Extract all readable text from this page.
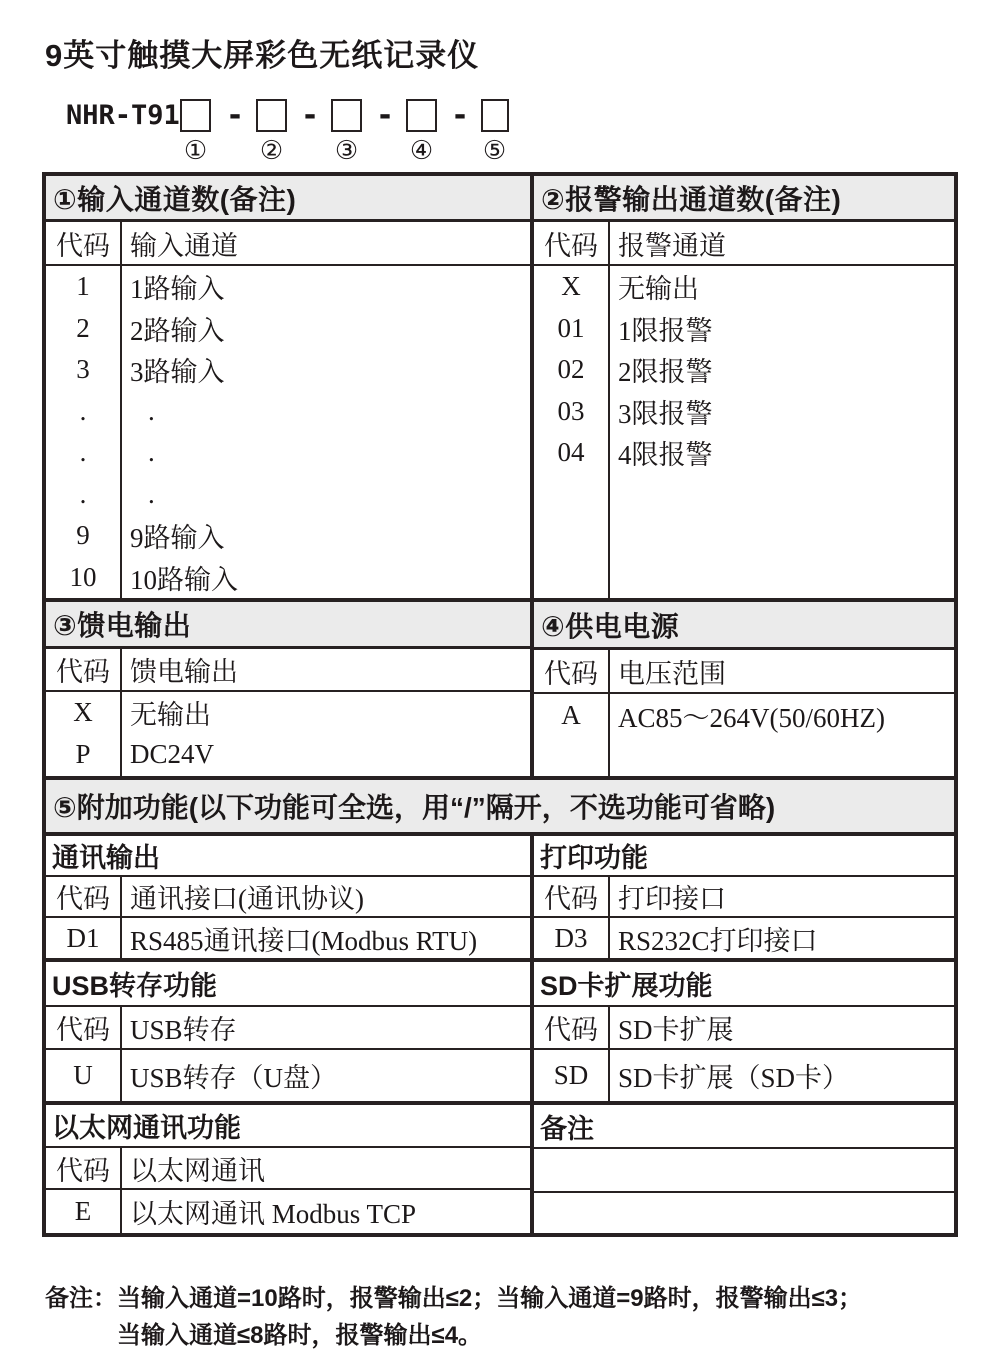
9英寸触摸大屏彩色无纸记录仪
NHR-T91 - - - -
① ② ③ ④ ⑤
①输入通道数(备注)
代码 输入通道
1	1路输入
2	2路输入
3	3路输入
.	.
.	.
.	.
9	9路输入
10	10路输入
②报警输出通道数(备注)
代码 报警通道
X	无输出
01	1限报警
02	2限报警
03	3限报警
04	4限报警
③馈电输出
代码 馈电输出
X	无输出
P	DC24V
④供电电源
代码 电压范围
A	AC85～264V(50/60HZ)
⑤附加功能(以下功能可全选，用“/”隔开，不选功能可省略)
通讯输出
代码 通讯接口(通讯协议)
D1	RS485通讯接口(Modbus RTU)
打印功能
代码 打印接口
D3	RS232C打印接口
USB转存功能
代码 USB转存
U	USB转存（U盘）
SD卡扩展功能
代码 SD卡扩展
SD	SD卡扩展（SD卡）
以太网通讯功能
代码 以太网通讯
E	以太网通讯 Modbus TCP
备注
备注：当输入通道=10路时，报警输出≤2；当输入通道=9路时，报警输出≤3；
当输入通道≤8路时，报警输出≤4。
